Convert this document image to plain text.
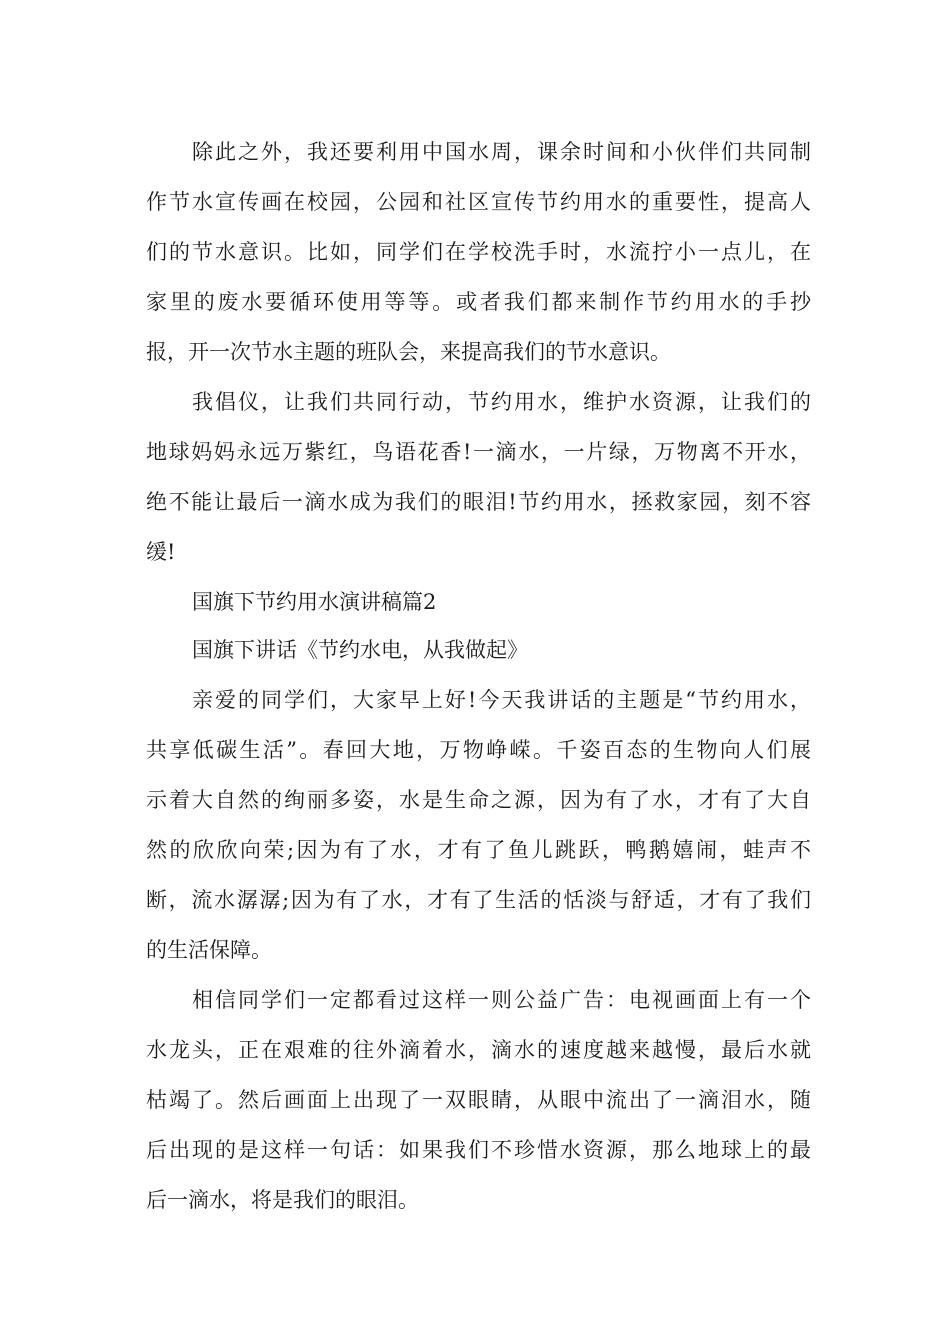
除此之外，我还要利用中国水周，课余时间和小伙伴们共同制
作节水宣传画在校园，公园和社区宣传节约用水的重要性，提高人
们的节水意识。比如，同学们在学校洗手时，水流拧小一点儿，在
家里的废水要循环使用等等。或者我们都来制作节约用水的手抄
报，开一次节水主题的班队会，来提高我们的节水意识。
我倡仪，让我们共同行动，节约用水，维护水资源，让我们的
地球妈妈永远万紫红，鸟语花香!一滴水，一片绿，万物离不开水，
绝不能让最后一滴水成为我们的眼泪!节约用水，拯救家园，刻不容
缓!
国旗下节约用水演讲稿篇2
国旗下讲话《节约水电，从我做起》
亲爱的同学们，大家早上好!今天我讲话的主题是“节约用水，
共享低碳生活”。春回大地，万物峥嵘。千姿百态的生物向人们展
示着大自然的绚丽多姿，水是生命之源，因为有了水，才有了大自
然的欣欣向荣;因为有了水，才有了鱼儿跳跃，鸭鹅嬉闹，蛙声不
断，流水潺潺;因为有了水，才有了生活的恬淡与舒适，才有了我们
的生活保障。
相信同学们一定都看过这样一则公益广告：电视画面上有一个
水龙头，正在艰难的往外滴着水，滴水的速度越来越慢，最后水就
枯竭了。然后画面上出现了一双眼睛，从眼中流出了一滴泪水，随
后出现的是这样一句话：如果我们不珍惜水资源，那么地球上的最
后一滴水，将是我们的眼泪。
